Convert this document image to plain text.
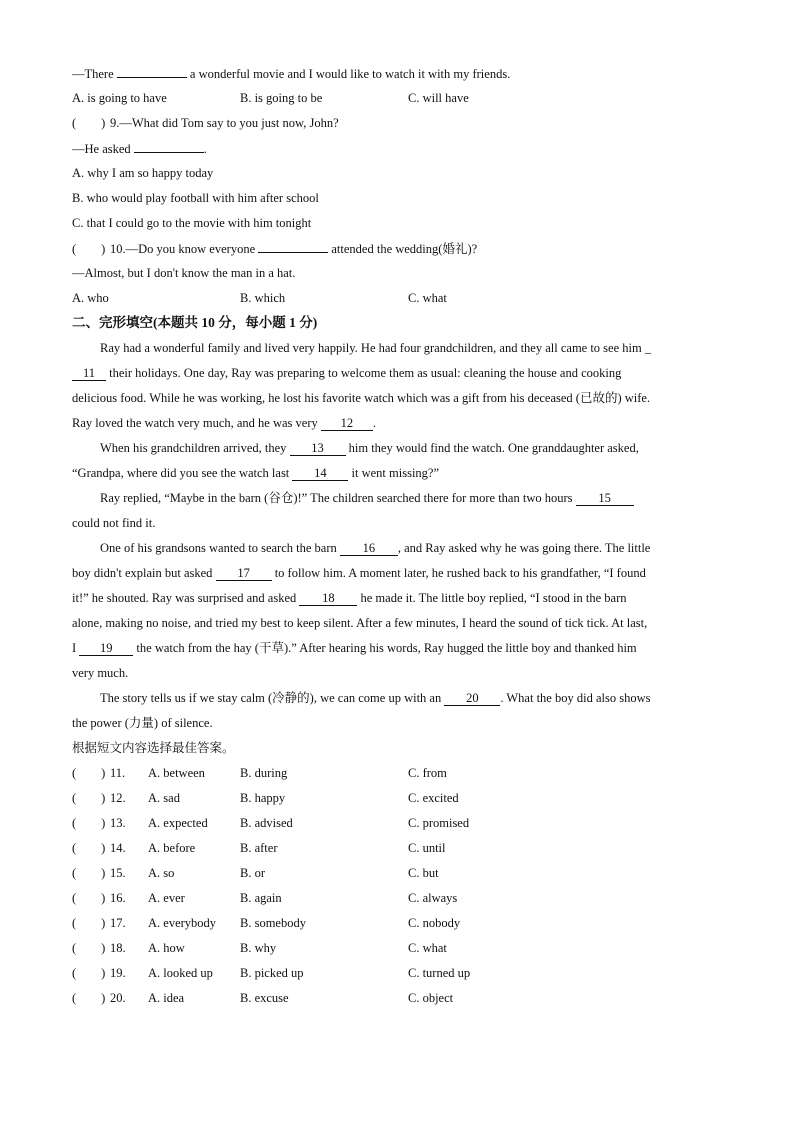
—There	a wonderful movie and I would like to watch it with my friends.
A. is going to have	B. is going to be	C. will have
(　　) 9.—What did Tom say to you just now, John?
—He asked	.
A. why I am so happy today
B. who would play football with him after school
C. that I could go to the movie with him tonight
(　　) 10.—Do you know everyone	attended the wedding(婚礼)?
—Almost, but I don't know the man in a hat.
A. who	B. which	C. what
二、完形填空(本题共 10 分，每小题 1 分)
Ray had a wonderful family and lived very happily. He had four grandchildren, and they all came to see him _
11 their holidays. One day, Ray was preparing to welcome them as usual: cleaning the house and cooking
delicious food. While he was working, he lost his favorite watch which was a gift from his deceased (已故的) wife.
Ray loved the watch very much, and he was very 12 .
When his grandchildren arrived, they 13 him they would find the watch. One granddaughter asked,
“Grandpa, where did you see the watch last 14 it went missing?”
Ray replied, “Maybe in the barn (谷仓)!” The children searched there for more than two hours 15
could not find it.
One of his grandsons wanted to search the barn 16 , and Ray asked why he was going there. The little
boy didn't explain but asked 17 to follow him. A moment later, he rushed back to his grandfather, “I found
it!” he shouted. Ray was surprised and asked 18 he made it. The little boy replied, “I stood in the barn
alone, making no noise, and tried my best to keep silent. After a few minutes, I heard the sound of tick tick. At last,
I 19 the watch from the hay (干草).” After hearing his words, Ray hugged the little boy and thanked him
very much.
The story tells us if we stay calm (冷静的), we can come up with an 20 . What the boy did also shows
the power (力量) of silence.
根据短文内容选择最佳答案。
(　　) 11. A. between	B. during	C. from
(　　) 12. A. sad	B. happy	C. excited
(　　) 13. A. expected	B. advised	C. promised
(　　) 14. A. before	B. after	C. until
(　　) 15. A. so	B. or	C. but
(　　) 16. A. ever	B. again	C. always
(　　) 17. A. everybody B. somebody	C. nobody
(　　) 18. A. how	B. why	C. what
(　　) 19. A. looked up B. picked up	C. turned up
(　　) 20. A. idea	B. excuse	C. object
